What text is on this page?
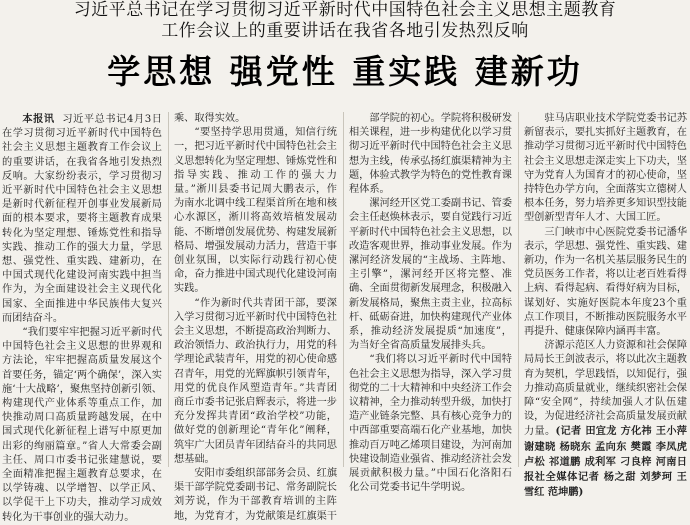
习近平总书记在学习贯彻习近平新时代中国特色社会主义思想主题教育
工作会议上的重要讲话在我省各地引发热烈反响
学思想 强党性 重实践 建新功

本报讯 习近平总书记4月3日在学习贯彻习近平新时代中国特色社会主义思想主题教育工作会议上的重要讲话，在我省各地引发热烈反响。大家纷纷表示，学习贯彻习近平新时代中国特色社会主义思想是新时代新征程开创事业发展新局面的根本要求，要将主题教育成果转化为坚定理想、锤炼党性和指导实践、推动工作的强大力量，学思想、强党性、重实践、建新功，在中国式现代化建设河南实践中担当作为，为全面建设社会主义现代化国家、全面推进中华民族伟大复兴而团结奋斗。

“我们要牢牢把握习近平新时代中国特色社会主义思想的世界观和方法论，牢牢把握高质量发展这个首要任务，锚定‘两个确保’，深入实施‘十大战略’，聚焦坚持创新引领、构建现代产业体系等重点工作，加快推动周口高质量跨越发展，在中国式现代化新征程上谱写中原更加出彩的绚丽篇章。”省人大常委会副主任、周口市委书记张建慧说，要全面精准把握主题教育总要求，在以学铸魂、以学增智、以学正风、以学促干上下功夫，推动学习成效转化为干事创业的强大动力。

乘、取得实效。

“要坚持学思用贯通，知信行统一，把习近平新时代中国特色社会主义思想转化为坚定理想、锤炼党性和指导实践、推动工作的强大力量。”淅川县委书记周大鹏表示，作为南水北调中线工程渠首所在地和核心水源区，淅川将高效培植发展动能、不断增创发展优势、构建发展新格局、增强发展动力活力，营造干事创业氛围，以实际行动践行初心使命，奋力推进中国式现代化建设河南实践。

“作为新时代共青团干部，要深入学习贯彻习近平新时代中国特色社会主义思想，不断提高政治判断力、政治领悟力、政治执行力，用党的科学理论武装青年，用党的初心使命感召青年，用党的光辉旗帜引领青年，用党的优良作风塑造青年。”共青团商丘市委书记张启辉表示，将进一步充分发挥共青团“政治学校”功能，做好党的创新理论“青年化”阐释，筑牢广大团员青年团结奋斗的共同思想基础。

安阳市委组织部部务会员、红旗渠干部学院党委副书记、常务副院长刘芳说，作为干部教育培训的主阵地，为党育才，为党献策是红旗渠干

部学院的初心。学院将积极研发相关课程，进一步构建优化以学习贯彻习近平新时代中国特色社会主义思想为主线，传承弘扬红旗渠精神为主题，体验式教学为特色的党性教育课程体系。

漯河经开区党工委副书记、管委会主任赵焕林表示，要自觉践行习近平新时代中国特色社会主义思想，以改造客观世界，推动事业发展。作为漯河经济发展的“主战场、主阵地、主引擎”，漯河经开区将完整、准确、全面贯彻新发展理念，积极融入新发展格局，聚焦主责主业，拉高标杆、砥砺奋进，加快构建现代产业体系，推动经济发展提质“加速度”，为当好全省高质量发展排头兵。

“我们将以习近平新时代中国特色社会主义思想为指导，深入学习贯彻党的二十大精神和中央经济工作会议精神，全力推动转型升级，加快打造产业链条完整、具有核心竞争力的中西部重要高端石化产业基地，加快推动百万吨乙烯项目建设，为河南加快建设制造业强省、推动经济社会发展贡献积极力量。”中国石化洛阳石化公司党委书记牛学明说。

驻马店职业技术学院党委书记苏新留表示，要扎实抓好主题教育，在推动学习贯彻习近平新时代中国特色社会主义思想走深走实上下功夫，坚守为党育人为国育才的初心使命，坚持特色办学方向，全面落实立德树人根本任务，努力培养更多知识型技能型创新型青年人才、大国工匠。

三门峡市中心医院党委书记潘华表示，学思想、强党性、重实践、建新功，作为一名机关基层服务民生的党员医务工作者，将以让老百姓看得上病、看得起病、看得好病为目标，谋划好、实施好医院本年度23个重点工作项目，不断推动医院服务水平再提升、健康保障内涵再丰富。

济源示范区人力资源和社会保障局局长王剑波表示，将以此次主题教育为契机，学思践悟，以知促行，强力推动高质量就业，继续织密社会保障“安全网”，持续加强人才队伍建设，为促进经济社会高质量发展贡献力量。(记者 田宜龙 方化祎 王小萍 谢建晓 杨晓东 孟向东 樊霞 李凤虎 卢松 祁道鹏 成利军 刁良梓 河南日报社全媒体记者 杨之甜 刘梦珂 王雪红 范坤鹏)
